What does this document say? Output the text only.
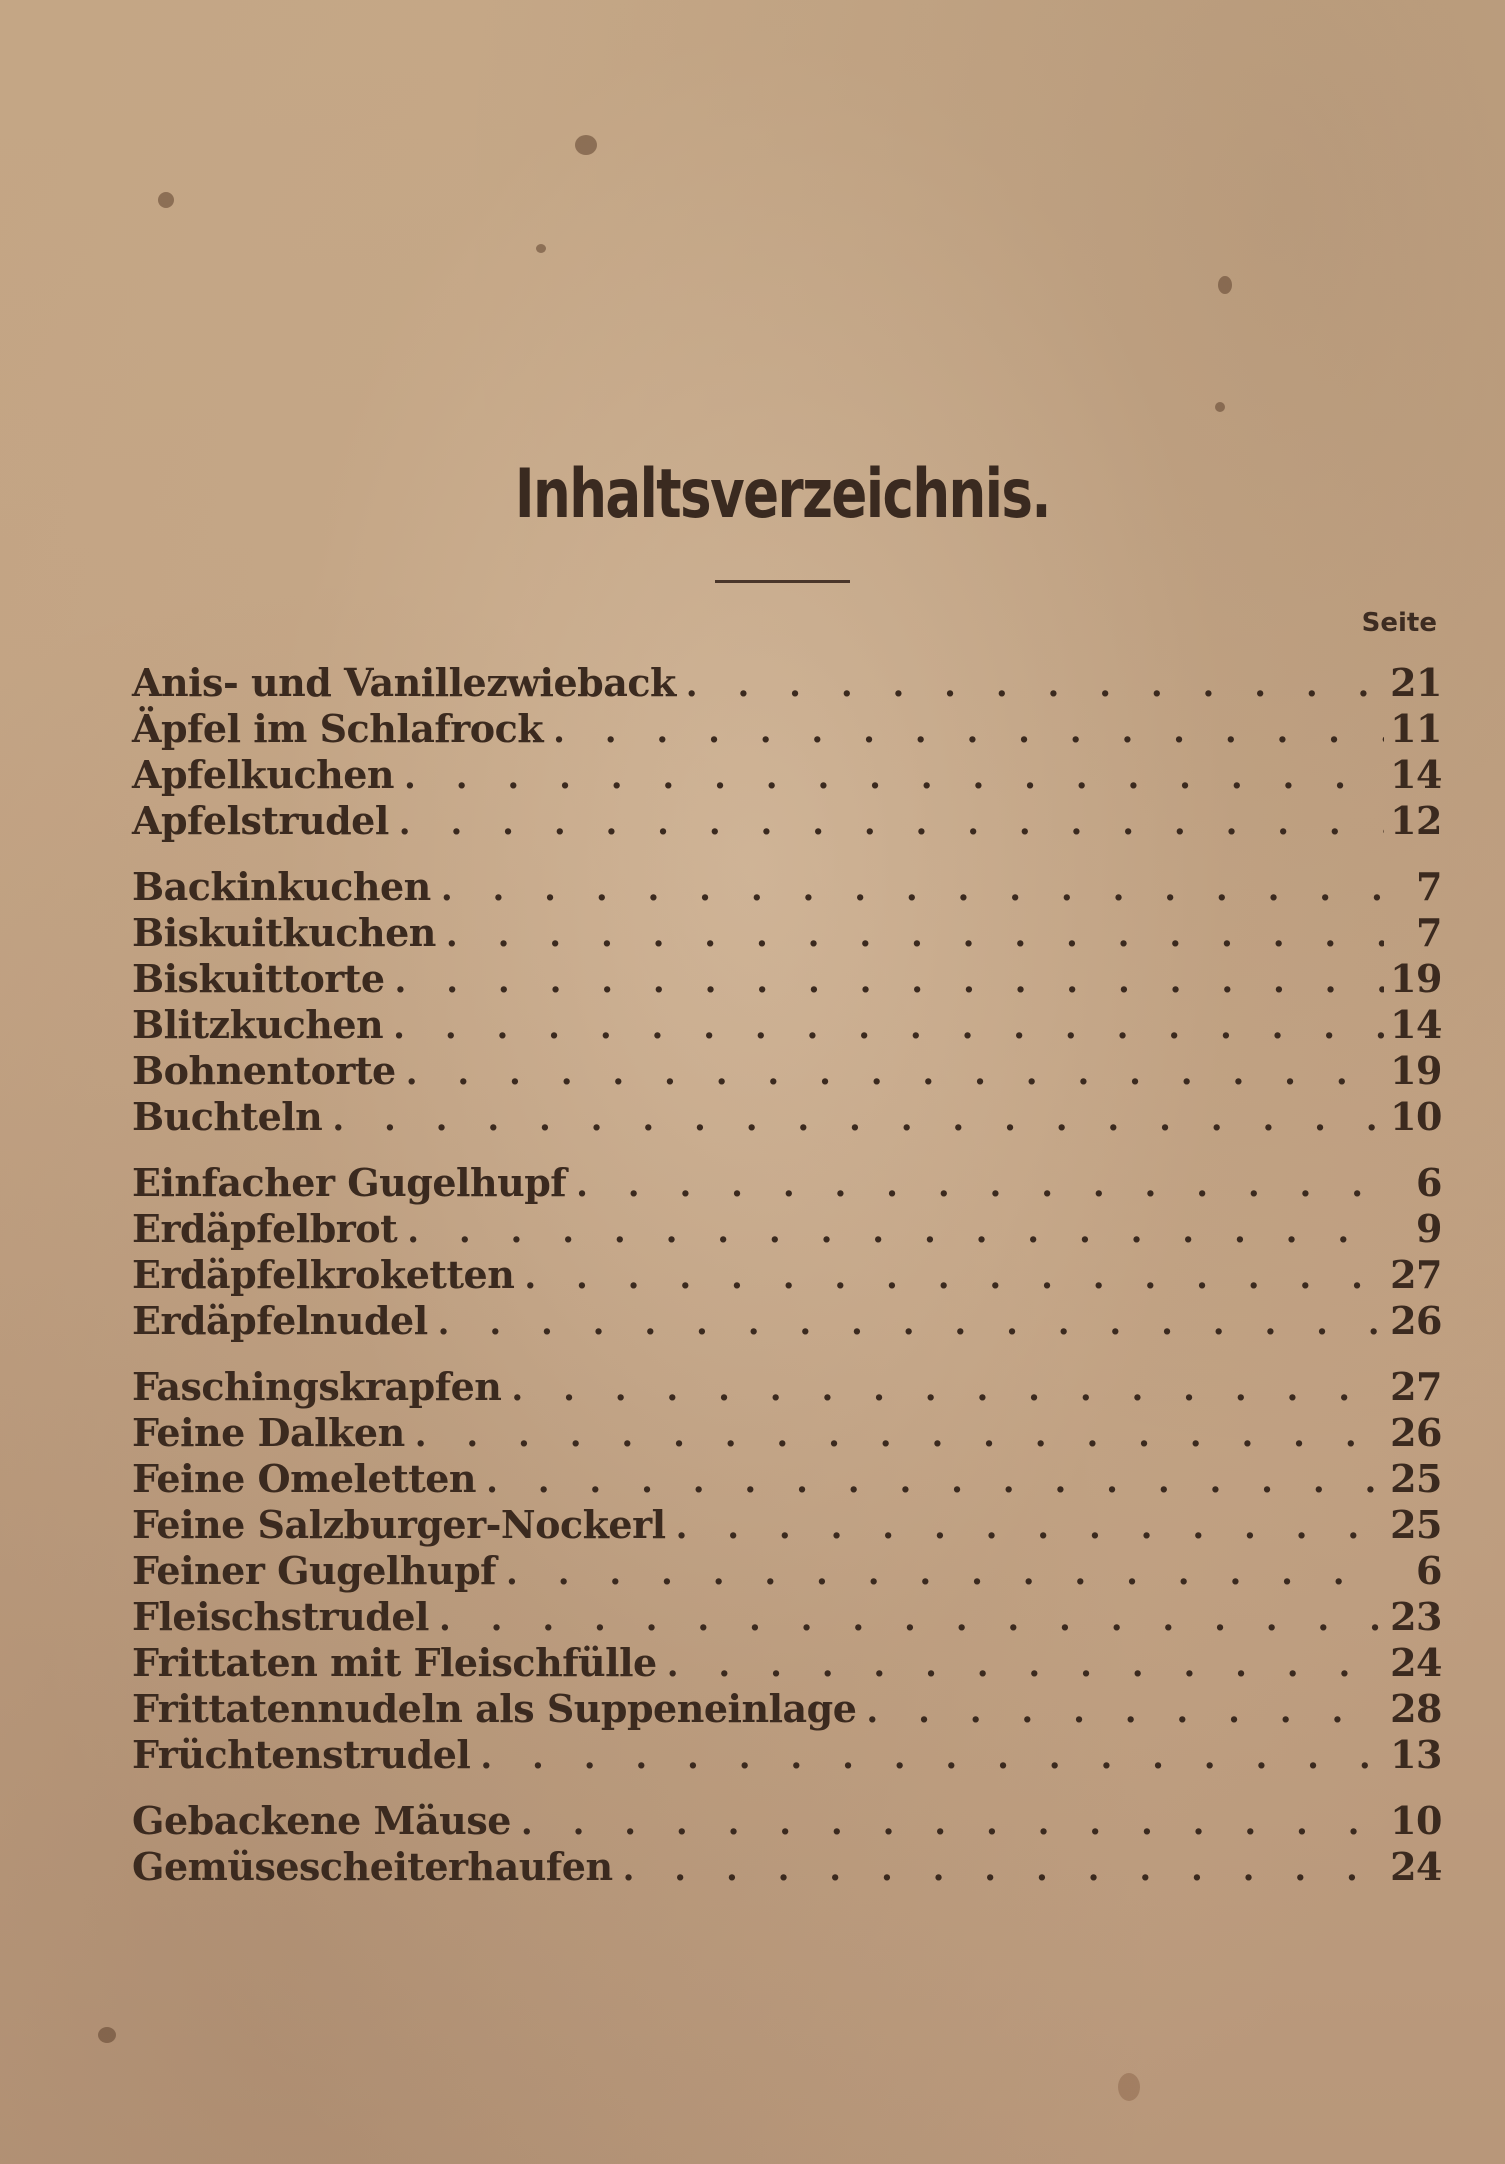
Inhaltsverzeichnis.
Seite
Anis- und Vanillezwieback . . .	21
Äpfel im Schlafrock . . .	11
Apfelkuchen . . .	14
Apfelstrudel . . .	12
Backinkuchen . . .	7
Biskuitkuchen . . .	7
Biskuittorte . . .	19
Blitzkuchen . . .	14
Bohnentorte . . .	19
Buchteln . . .	10
Einfacher Gugelhupf . . .	6
Erdäpfelbrot . . .	9
Erdäpfelkroketten . . .	27
Erdäpfelnudel . . .	26
Faschingskrapfen . . .	27
Feine Dalken . . .	26
Feine Omeletten . . .	25
Feine Salzburger-Nockerl . . .	25
Feiner Gugelhupf . . .	6
Fleischstrudel . . .	23
Frittaten mit Fleischfülle . . .	24
Frittatennudeln als Suppeneinlage . . .	28
Früchtenstrudel . . .	13
Gebackene Mäuse . . .	10
Gemüsescheiterhaufen . . .	24
